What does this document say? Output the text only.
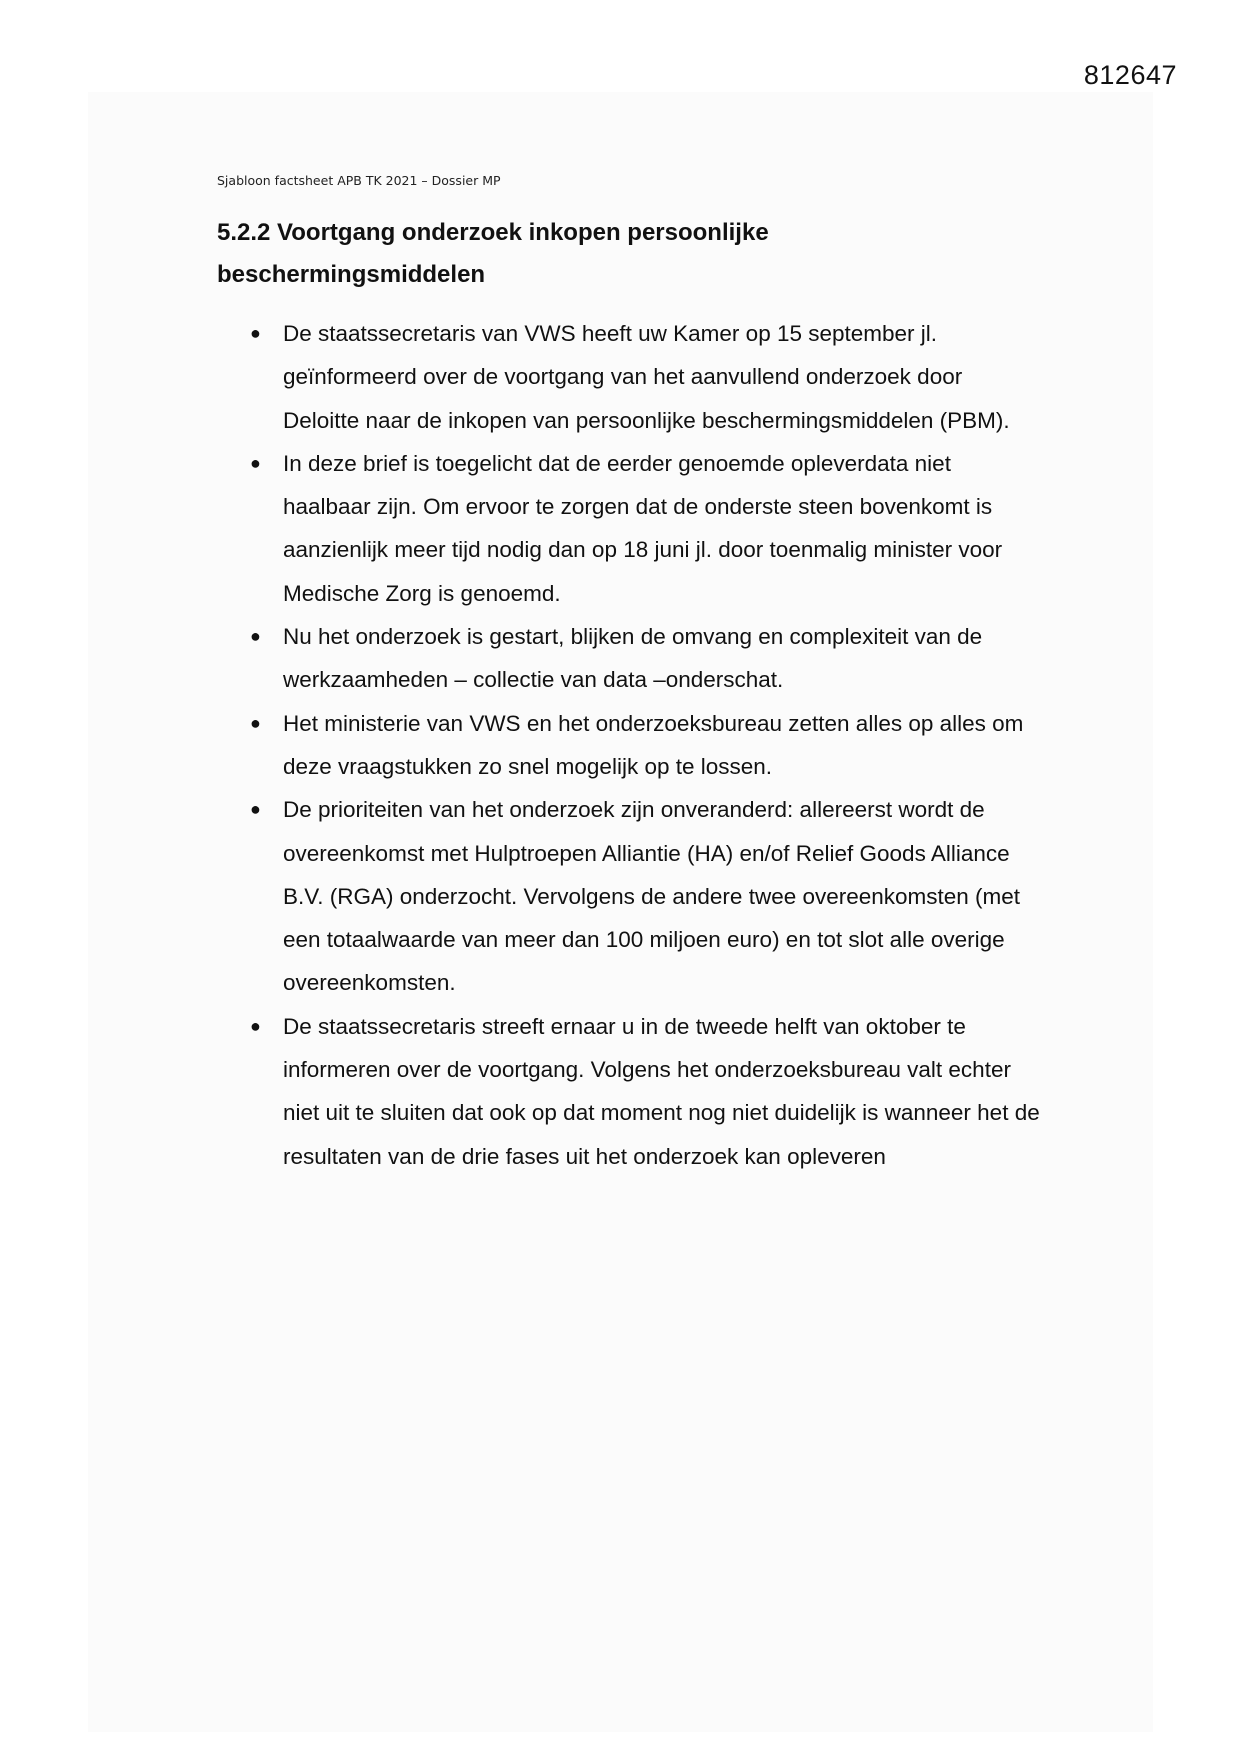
812647
Sjabloon factsheet APB TK 2021 – Dossier MP
5.2.2 Voortgang onderzoek inkopen persoonlijke beschermingsmiddelen
● De staatssecretaris van VWS heeft uw Kamer op 15 september jl. geïnformeerd over de voortgang van het aanvullend onderzoek door Deloitte naar de inkopen van persoonlijke beschermingsmiddelen (PBM).
● In deze brief is toegelicht dat de eerder genoemde opleverdata niet haalbaar zijn. Om ervoor te zorgen dat de onderste steen bovenkomt is aanzienlijk meer tijd nodig dan op 18 juni jl. door toenmalig minister voor Medische Zorg is genoemd.
● Nu het onderzoek is gestart, blijken de omvang en complexiteit van de werkzaamheden – collectie van data –onderschat.
● Het ministerie van VWS en het onderzoeksbureau zetten alles op alles om deze vraagstukken zo snel mogelijk op te lossen.
● De prioriteiten van het onderzoek zijn onveranderd: allereerst wordt de overeenkomst met Hulptroepen Alliantie (HA) en/of Relief Goods Alliance B.V. (RGA) onderzocht. Vervolgens de andere twee overeenkomsten (met een totaalwaarde van meer dan 100 miljoen euro) en tot slot alle overige overeenkomsten.
● De staatssecretaris streeft ernaar u in de tweede helft van oktober te informeren over de voortgang. Volgens het onderzoeksbureau valt echter niet uit te sluiten dat ook op dat moment nog niet duidelijk is wanneer het de resultaten van de drie fases uit het onderzoek kan opleveren
